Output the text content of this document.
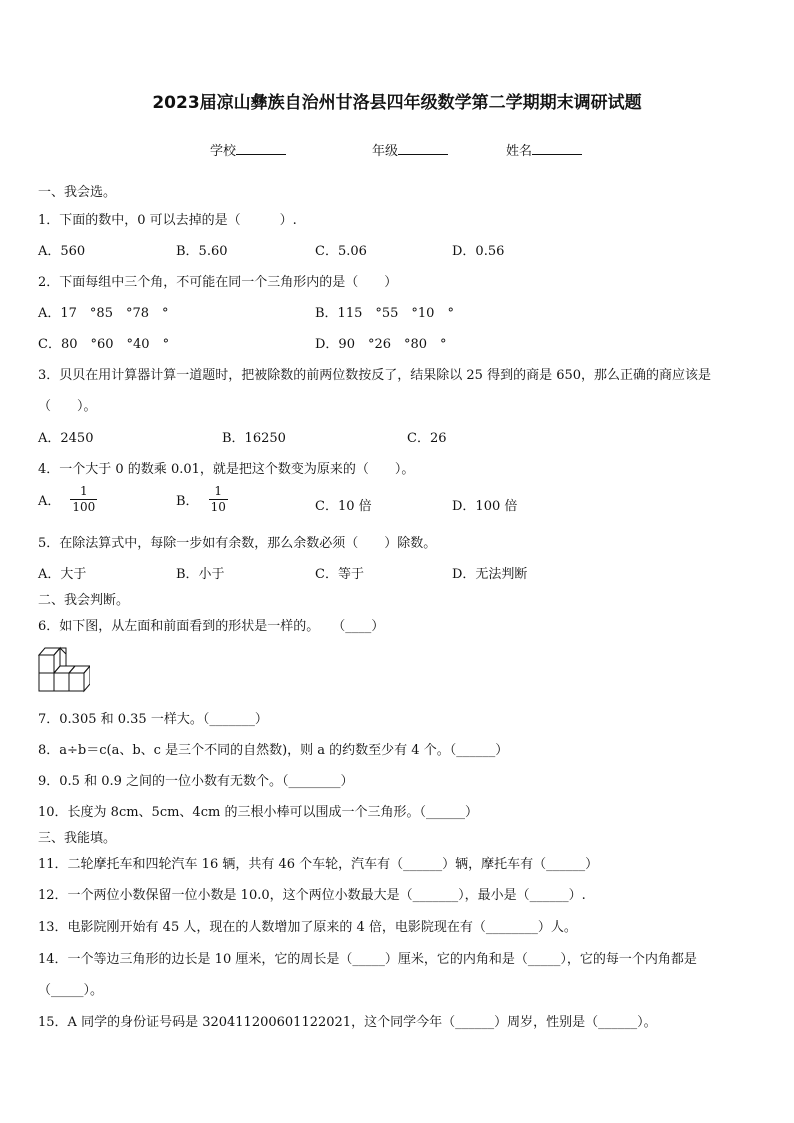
2023届凉山彝族自治州甘洛县四年级数学第二学期期末调研试题
学校	年级	姓名
一、我会选。
1．下面的数中，0 可以去掉的是（　　　）.
A．560	B．5.60	C．5.06	D．0.56
2．下面每组中三个角，不可能在同一个三角形内的是（　　）
A．17　°85　°78　°	B．115　°55　°10　°
C．80　°60　°40　°	D．90　°26　°80　°
3．贝贝在用计算器计算一道题时，把被除数的前两位数按反了，结果除以 25 得到的商是 650，那么正确的商应该是
（　　）。
A．2450	B．16250	C．26
4．一个大于 0 的数乘 0.01，就是把这个数变为原来的（　　）。
A． $\frac{1}{100}$	B． $\frac{1}{10}$	C．10 倍	D．100 倍
5．在除法算式中，每除一步如有余数，那么余数必须（　　）除数。
A．大于	B．小于	C．等于	D．无法判断
二、我会判断。
6．如下图，从左面和前面看到的形状是一样的。　　（____）
7．0.305 和 0.35 一样大。（_______）
8．a÷b＝c(a、b、c 是三个不同的自然数)，则 a 的约数至少有 4 个。（______）
9．0.5 和 0.9 之间的一位小数有无数个。（________）
10．长度为 8cm、5cm、4cm 的三根小棒可以围成一个三角形。（______）
三、我能填。
11．二轮摩托车和四轮汽车 16 辆，共有 46 个车轮，汽车有（______）辆，摩托车有（______）
12．一个两位小数保留一位小数是 10.0，这个两位小数最大是（_______），最小是（______）.
13．电影院刚开始有 45 人，现在的人数增加了原来的 4 倍，电影院现在有（________）人。
14．一个等边三角形的边长是 10 厘米，它的周长是（_____）厘米，它的内角和是（_____），它的每一个内角都是
（_____）。
15．A 同学的身份证号码是 320411200601122021，这个同学今年（______）周岁，性别是（______）。
